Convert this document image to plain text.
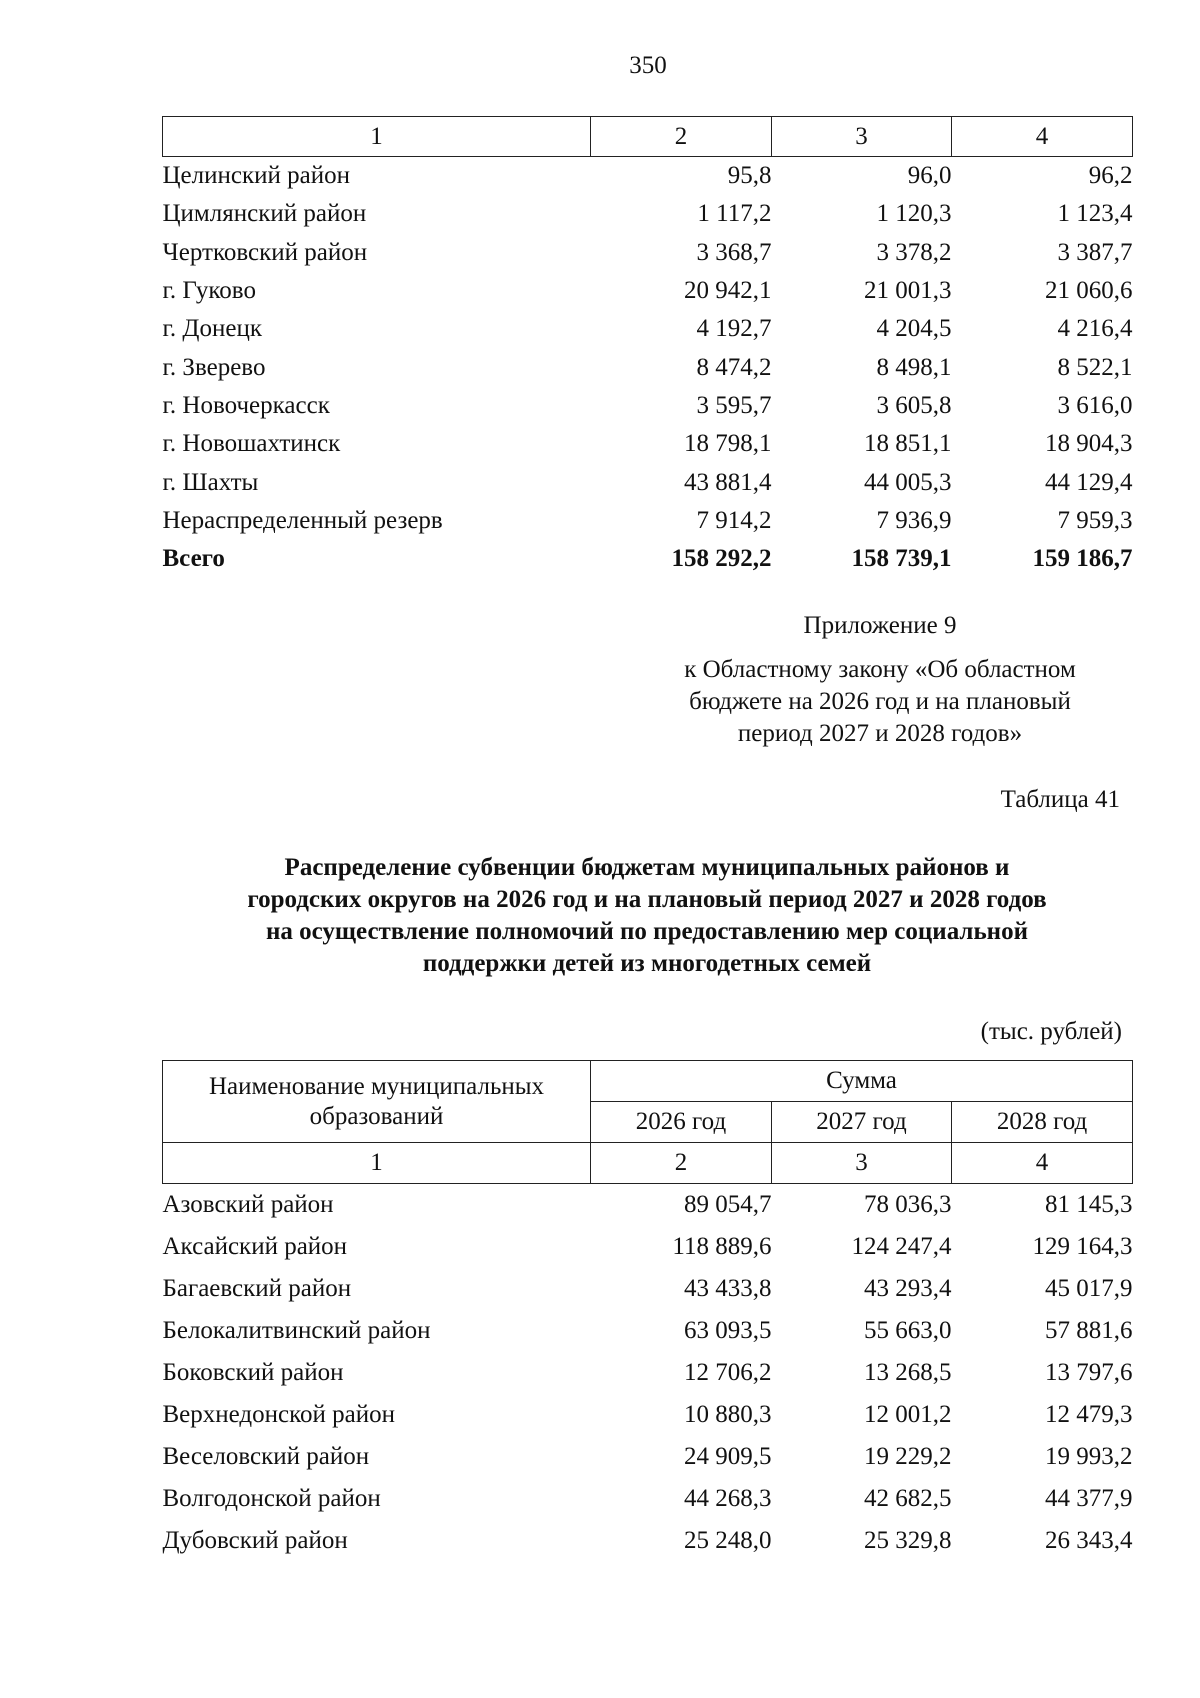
350
1	2	3	4
Целинский район	95,8	96,0	96,2
Цимлянский район	1 117,2	1 120,3	1 123,4
Чертковский район	3 368,7	3 378,2	3 387,7
г. Гуково	20 942,1	21 001,3	21 060,6
г. Донецк	4 192,7	4 204,5	4 216,4
г. Зверево	8 474,2	8 498,1	8 522,1
г. Новочеркасск	3 595,7	3 605,8	3 616,0
г. Новошахтинск	18 798,1	18 851,1	18 904,3
г. Шахты	43 881,4	44 005,3	44 129,4
Нераспределенный резерв	7 914,2	7 936,9	7 959,3
Всего	158 292,2	158 739,1	159 186,7
Приложение 9
к Областному закону «Об областном
бюджете на 2026 год и на плановый
период 2027 и 2028 годов»
Таблица 41
Распределение субвенции бюджетам муниципальных районов и
городских округов на 2026 год и на плановый период 2027 и 2028 годов
на осуществление полномочий по предоставлению мер социальной
поддержки детей из многодетных семей
(тыс. рублей)
Наименование муниципальных
образований	Сумма		
	2026 год	2027 год	2028 год
1	2	3	4
Азовский район	89 054,7	78 036,3	81 145,3
Аксайский район	118 889,6	124 247,4	129 164,3
Багаевский район	43 433,8	43 293,4	45 017,9
Белокалитвинский район	63 093,5	55 663,0	57 881,6
Боковский район	12 706,2	13 268,5	13 797,6
Верхнедонской район	10 880,3	12 001,2	12 479,3
Веселовский район	24 909,5	19 229,2	19 993,2
Волгодонской район	44 268,3	42 682,5	44 377,9
Дубовский район	25 248,0	25 329,8	26 343,4
